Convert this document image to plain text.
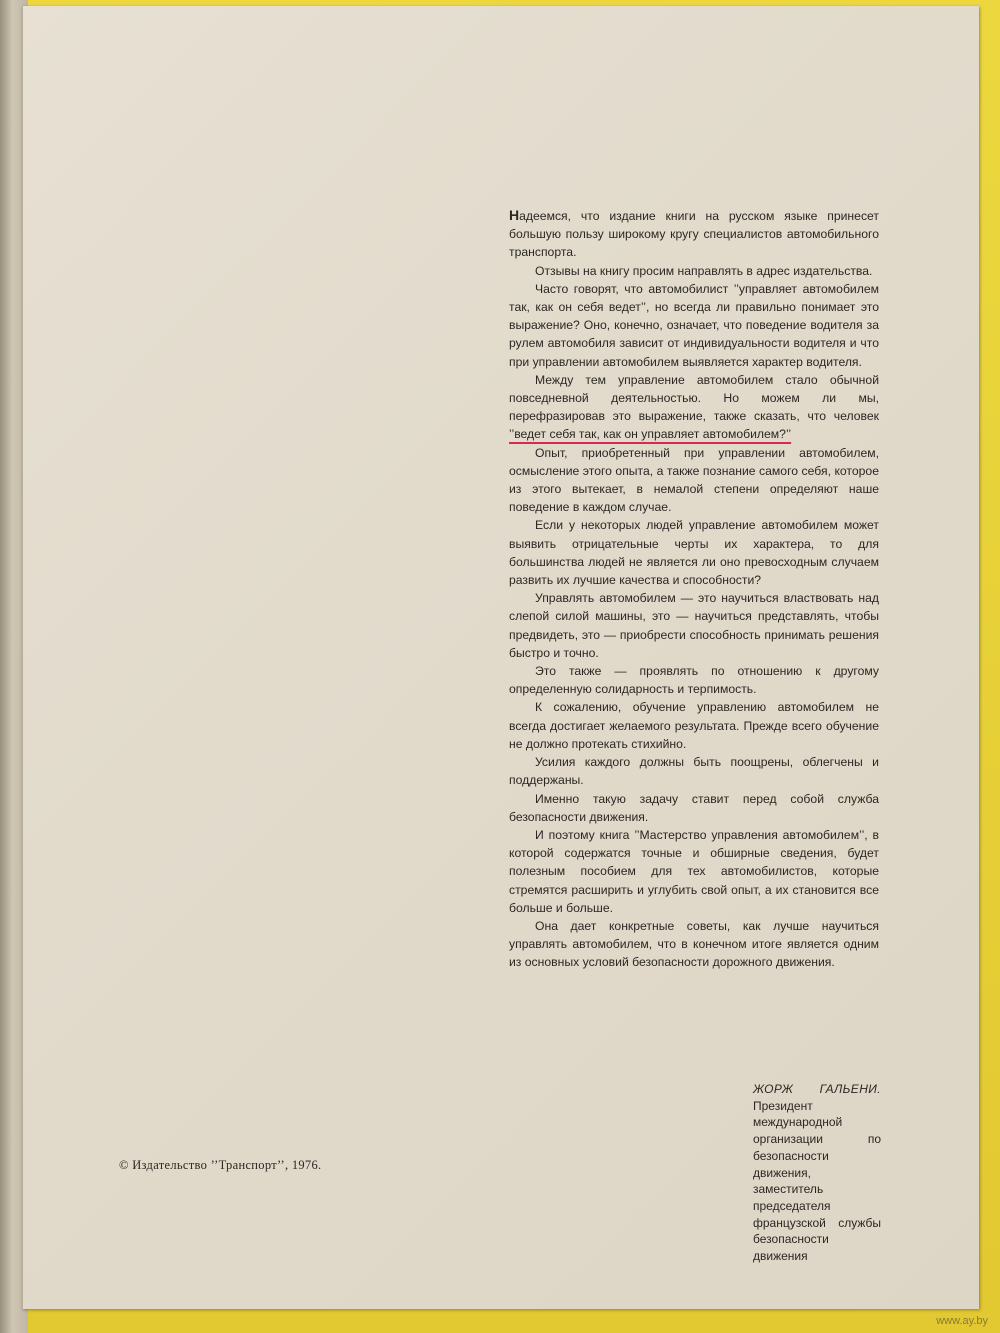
Надеемся, что издание книги на русском языке принесет большую пользу широкому кругу специалистов автомобильного транспорта.

Отзывы на книгу просим направлять в адрес издательства.

Часто говорят, что автомобилист ’’управляет автомобилем так, как он себя ведет’’, но всегда ли правильно понимает это выражение? Оно, конечно, означает, что поведение водителя за рулем автомобиля зависит от индивидуальности водителя и что при управлении автомобилем выявляется характер водителя.

Между тем управление автомобилем стало обычной повседневной деятельностью. Но можем ли мы, перефразировав это выражение, также сказать, что человек ’’ведет себя так, как он управляет автомобилем?’’

Опыт, приобретенный при управлении автомобилем, осмысление этого опыта, а также познание самого себя, которое из этого вытекает, в немалой степени определяют наше поведение в каждом случае.

Если у некоторых людей управление автомобилем может выявить отрицательные черты их характера, то для большинства людей не является ли оно превосходным случаем развить их лучшие качества и способности?

Управлять автомобилем — это научиться властвовать над слепой силой машины, это — научиться представлять, чтобы предвидеть, это — приобрести способность принимать решения быстро и точно.

Это также — проявлять по отношению к другому определенную солидарность и терпимость.

К сожалению, обучение управлению автомобилем не всегда достигает желаемого результата. Прежде всего обучение не должно протекать стихийно.

Усилия каждого должны быть поощрены, облегчены и поддержаны.

Именно такую задачу ставит перед собой служба безопасности движения.

И поэтому книга ’’Мастерство управления автомобилем’’, в которой содержатся точные и обширные сведения, будет полезным пособием для тех автомобилистов, которые стремятся расширить и углубить свой опыт, а их становится все больше и больше.

Она дает конкретные советы, как лучше научиться управлять автомобилем, что в конечном итоге является одним из основных условий безопасности дорожного движения.

ЖОРЖ ГАЛЬЕНИ. Президент международной организации по безопасности движения, заместитель председателя французской службы безопасности движения
© Издательство ’’Транспорт’’, 1976.
www.ay.by
